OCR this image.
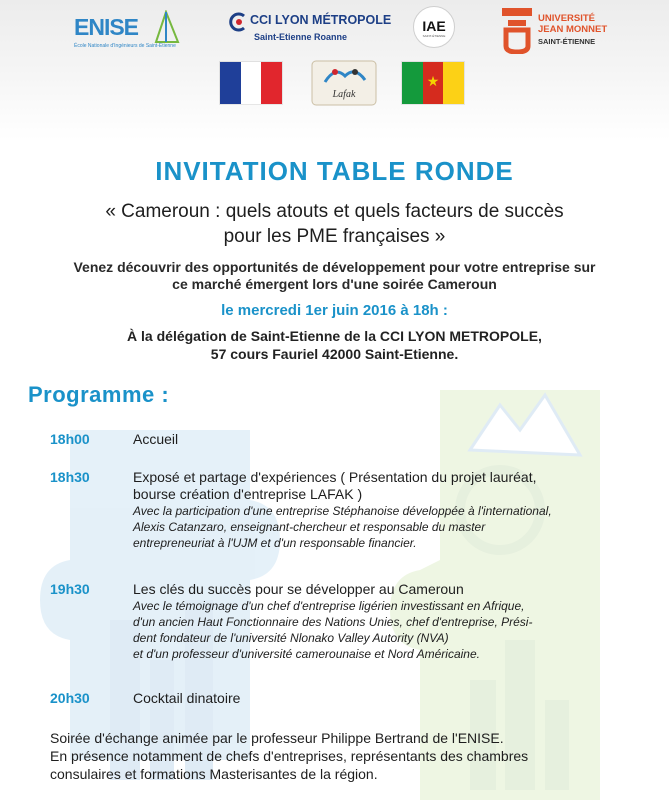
ENISE
École Nationale d'Ingénieurs de Saint-Étienne
CCI LYON MÉTROPOLE
Saint-Etienne Roanne
IAE
SAINT-ÉTIENNE
UNIVERSITÉ
JEAN MONNET
SAINT-ÉTIENNE
Lafak
★
INVITATION TABLE RONDE
« Cameroun : quels atouts et quels facteurs de succès
pour les PME françaises »
Venez découvrir des opportunités de développement pour votre entreprise sur
ce marché émergent lors d'une soirée Cameroun
le mercredi 1er juin 2016 à 18h :
À la délégation de Saint-Etienne de la CCI LYON METROPOLE,
57 cours Fauriel 42000 Saint-Etienne.
Programme :
18h00	Accueil
18h30	Exposé et partage d'expériences ( Présentation du projet lauréat,
bourse création d'entreprise LAFAK )
Avec la participation d'une entreprise Stéphanoise développée à l'international,
Alexis Catanzaro, enseignant-chercheur et responsable du master
entrepreneuriat à l'UJM et d'un responsable financier.
19h30	Les clés du succès pour se développer au Cameroun
Avec le témoignage d'un chef d'entreprise ligérien investissant en Afrique,
d'un ancien Haut Fonctionnaire des Nations Unies, chef d'entreprise, Prési-
dent fondateur de l'université Nlonako Valley Autority (NVA)
et d'un professeur d'université camerounaise et Nord Américaine.
20h30	Cocktail dinatoire
Soirée d'échange animée par le professeur Philippe Bertrand de l'ENISE.
En présence notamment de chefs d'entreprises, représentants des chambres
consulaires et formations Masterisantes de la région.
